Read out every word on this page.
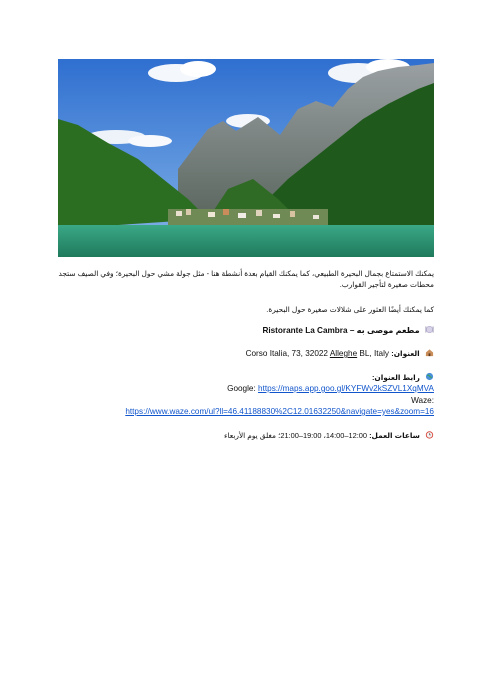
يمكنك الاستمتاع بجمال البحيرة الطبيعي، كما يمكنك القيام بعدة أنشطة هنا - مثل جولة مشي حول البحيرة؛ وفي الصيف ستجد محطات صغيرة لتأجير القوارب.
كما يمكنك أيضًا العثور على شلالات صغيرة حول البحيرة.
مطعم موصى به – Ristorante La Cambra
العنوان: Corso Italia, 73, 32022 Alleghe BL, Italy
رابط العنوان:
Google: https://maps.app.goo.gl/KYFWv2kSZVL1XqMVA
Waze:
https://www.waze.com/ul?ll=46.41188830%2C12.01632250&navigate=yes&zoom=16
ساعات العمل: 12:00–14:00، 19:00–21:00؛ مغلق يوم الأربعاء
